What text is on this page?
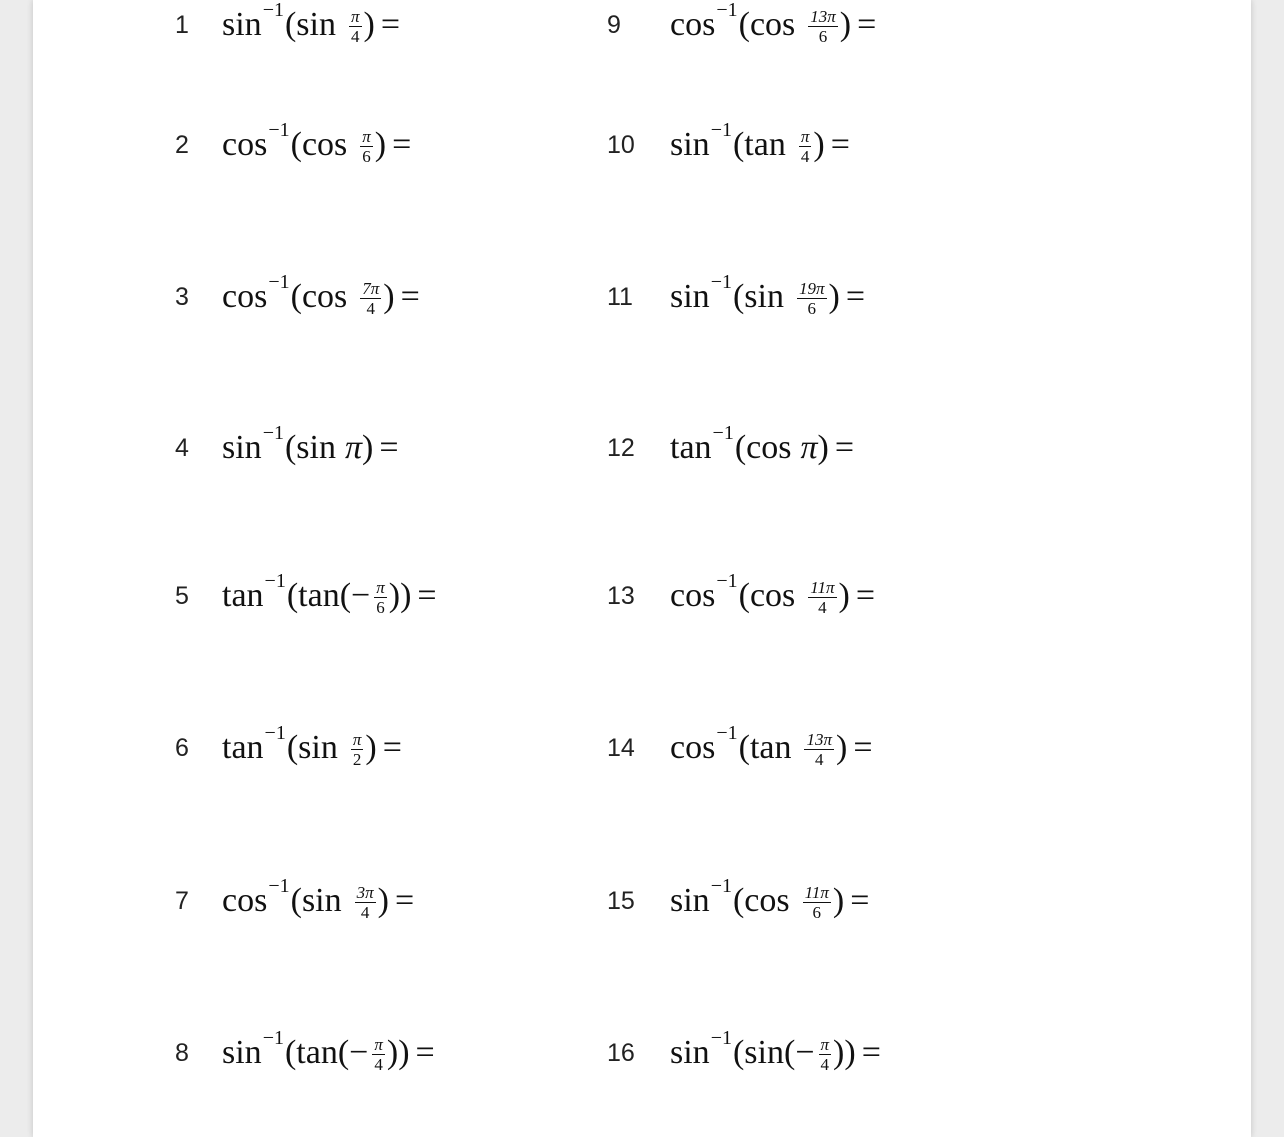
1 sin −1 ( $\sin \frac{\pi}{4}$ ) =
2 cos −1 ( $\cos \frac{\pi}{6}$ ) =
3 cos −1 ( $\cos \frac{7\pi}{4}$ ) =
4 sin −1 ( sin π ) =
5 tan −1 ( tan ( − $\frac{\pi}{6}$ ) ) =
6 tan −1 ( $\sin \frac{\pi}{2}$ ) =
7 cos −1 ( $\sin \frac{3\pi}{4}$ ) =
8 sin −1 ( tan ( − $\frac{\pi}{4}$ ) ) =
9 cos −1 ( $\cos \frac{13\pi}{6}$ ) =
10 sin −1 ( $\tan \frac{\pi}{4}$ ) =
11 sin −1 ( $\sin \frac{19\pi}{6}$ ) =
12 tan −1 ( cos π ) =
13 cos −1 ( $\cos \frac{11\pi}{4}$ ) =
14 cos −1 ( $\tan \frac{13\pi}{4}$ ) =
15 sin −1 ( $\cos \frac{11\pi}{6}$ ) =
16 sin −1 ( sin ( − $\frac{\pi}{4}$ ) ) =
